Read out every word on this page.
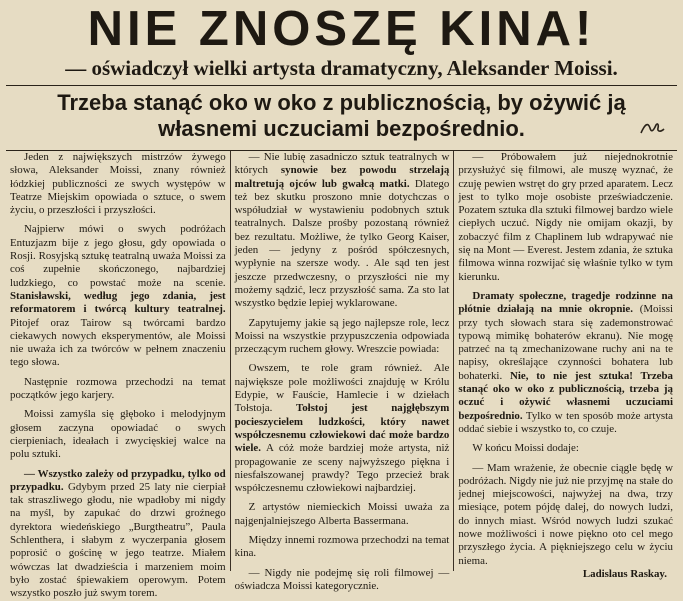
NIE ZNOSZĘ KINA!
— oświadczył wielki artysta dramatyczny, Aleksander Moissi.
Trzeba stanąć oko w oko z publicznością, by ożywić ją własnemi uczuciami bezpośrednio.

Jeden z największych mistrzów żywego słowa, Aleksander Moissi, znany również łódzkiej publiczności ze swych występów w Teatrze Miejskim opowiada o sztuce, o swem życiu, o przeszłości i przyszłości.

Najpierw mówi o swych podróżach Entuzjazm bije z jego głosu, gdy opowiada o Rosji. Rosyjską sztukę teatralną uważa Moissi za coś zupełnie skończonego, najbardziej ludzkiego, co powstać może na scenie. Stanisławski, według jego zdania, jest reformatorem i twórcą kultury teatralnej. Pitojef oraz Tairow są twórcami bardzo ciekawych nowych eksperymentów, ale Moissi nie uważa ich za twórców w pełnem znaczeniu tego słowa.

Następnie rozmowa przechodzi na temat początków jego karjery.

Moissi zamyśla się głęboko i melodyjnym głosem zaczyna opowiadać o swych cierpieniach, ideałach i zwycięskiej walce na polu sztuki.

— Wszystko zależy od przypadku, tylko od przypadku. Gdybym przed 25 laty nie cierpiał tak straszliwego głodu, nie wpadłoby mi nigdy na myśl, by zapukać do drzwi groźnego dyrektora wiedeńskiego „Burgtheatru”, Paula Schlenthera, i słabym z wyczerpania głosem poprosić o gościnę w jego teatrze. Miałem wówczas lat dwadzieścia i marzeniem moim było zostać śpiewakiem operowym. Potem wszystko poszło już swym torem.

— Nie lubię zasadniczo sztuk teatralnych w których synowie bez powodu strzelają maltretują ojców lub gwałcą matki. Dlatego też bez skutku proszono mnie dotychczas o współudział w wystawieniu podobnych sztuk teatralnych. Dalsze prośby pozostaną również bez rezultatu. Możliwe, że tylko Georg Kaiser, jeden — jedyny z pośród spółczesnych, wypłynie na szersze wody. . Ale sąd ten jest jeszcze przedwczesny, o przyszłości nie my możemy sądzić, lecz przyszłość sama. Za sto lat wszystko będzie lepiej wyklarowane.

Zapytujemy jakie są jego najlepsze role, lecz Moissi na wszystkie przypuszczenia odpowiada przeczącym ruchem głowy. Wreszcie powiada:

Owszem, te role gram również. Ale największe pole możliwości znajduję w Królu Edypie, w Fauście, Hamlecie i w dziełach Tołstoja. Tołstoj jest najgłębszym pocieszycielem ludzkości, który nawet współczesnemu człowiekowi dać może bardzo wiele. A cóż może bardziej może artysta, niż propagowanie ze sceny najwyższego piękna i niesfałszowanej prawdy? Tego przecież brak współczesnemu człowiekowi najbardziej.

Z artystów niemieckich Moissi uważa za najgenjalniejszego Alberta Bassermana.

Między innemi rozmowa przechodzi na temat kina.

— Nigdy nie podejmę się roli filmowej — oświadcza Moissi kategorycznie.

— Próbowałem już niejednokrotnie przysłużyć się filmowi, ale muszę wyznać, że czuję pewien wstręt do gry przed aparatem. Lecz jest to tylko moje osobiste przeświadczenie. Pozatem sztuka dla sztuki filmowej bardzo wiele ciepłych uczuć. Nigdy nie omijam okazji, by zobaczyć film z Chaplinem lub wdrapywać nie się na Mont — Everest. Jestem zdania, że sztuka filmowa winna rozwijać się właśnie tylko w tym kierunku.

Dramaty społeczne, tragedje rodzinne na płótnie działają na mnie okropnie. (Moissi przy tych słowach stara się zademonstrować typową mimikę bohaterów ekranu). Nie mogę patrzeć na tą zmechanizowane ruchy ani na te napisy, określające czynności bohatera lub bohaterki. Nie, to nie jest sztuka! Trzeba stanąć oko w oko z publicznością, trzeba ją oczuć i ożywić własnemi uczuciami bezpośrednio. Tylko w ten sposób może artysta oddać siebie i wszystko to, co czuje.

W końcu Moissi dodaje:

— Mam wrażenie, że obecnie ciągle będę w podróżach. Nigdy nie już nie przyjmę na stałe do jednej miejscowości, najwyżej na dwa, trzy miesiące, potem pójdę dalej, do nowych ludzi, do innych miast. Wśród nowych ludzi szukać nowe możliwości i nowe piękno oto cel mego przyszłego życia. A piękniejszego celu w życiu niema.

Ladislaus Raskay.
